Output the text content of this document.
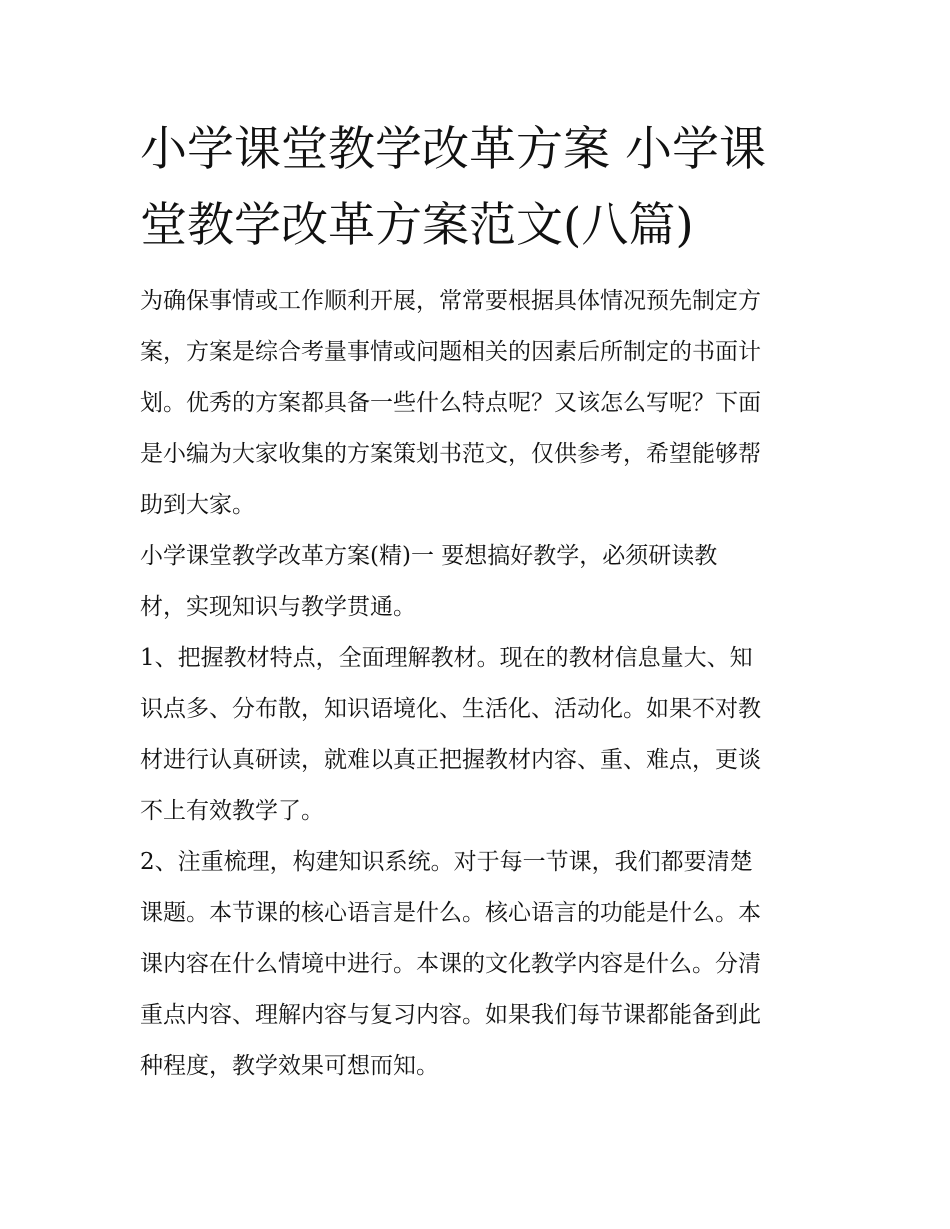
小学课堂教学改革方案 小学课
堂教学改革方案范文(八篇)
为确保事情或工作顺利开展，常常要根据具体情况预先制定方
案，方案是综合考量事情或问题相关的因素后所制定的书面计
划。优秀的方案都具备一些什么特点呢？又该怎么写呢？下面
是小编为大家收集的方案策划书范文，仅供参考，希望能够帮
助到大家。
小学课堂教学改革方案(精)一 要想搞好教学，必须研读教
材，实现知识与教学贯通。
1、把握教材特点，全面理解教材。现在的教材信息量大、知
识点多、分布散，知识语境化、生活化、活动化。如果不对教
材进行认真研读，就难以真正把握教材内容、重、难点，更谈
不上有效教学了。
2、注重梳理，构建知识系统。对于每一节课，我们都要清楚
课题。本节课的核心语言是什么。核心语言的功能是什么。本
课内容在什么情境中进行。本课的文化教学内容是什么。分清
重点内容、理解内容与复习内容。如果我们每节课都能备到此
种程度，教学效果可想而知。
